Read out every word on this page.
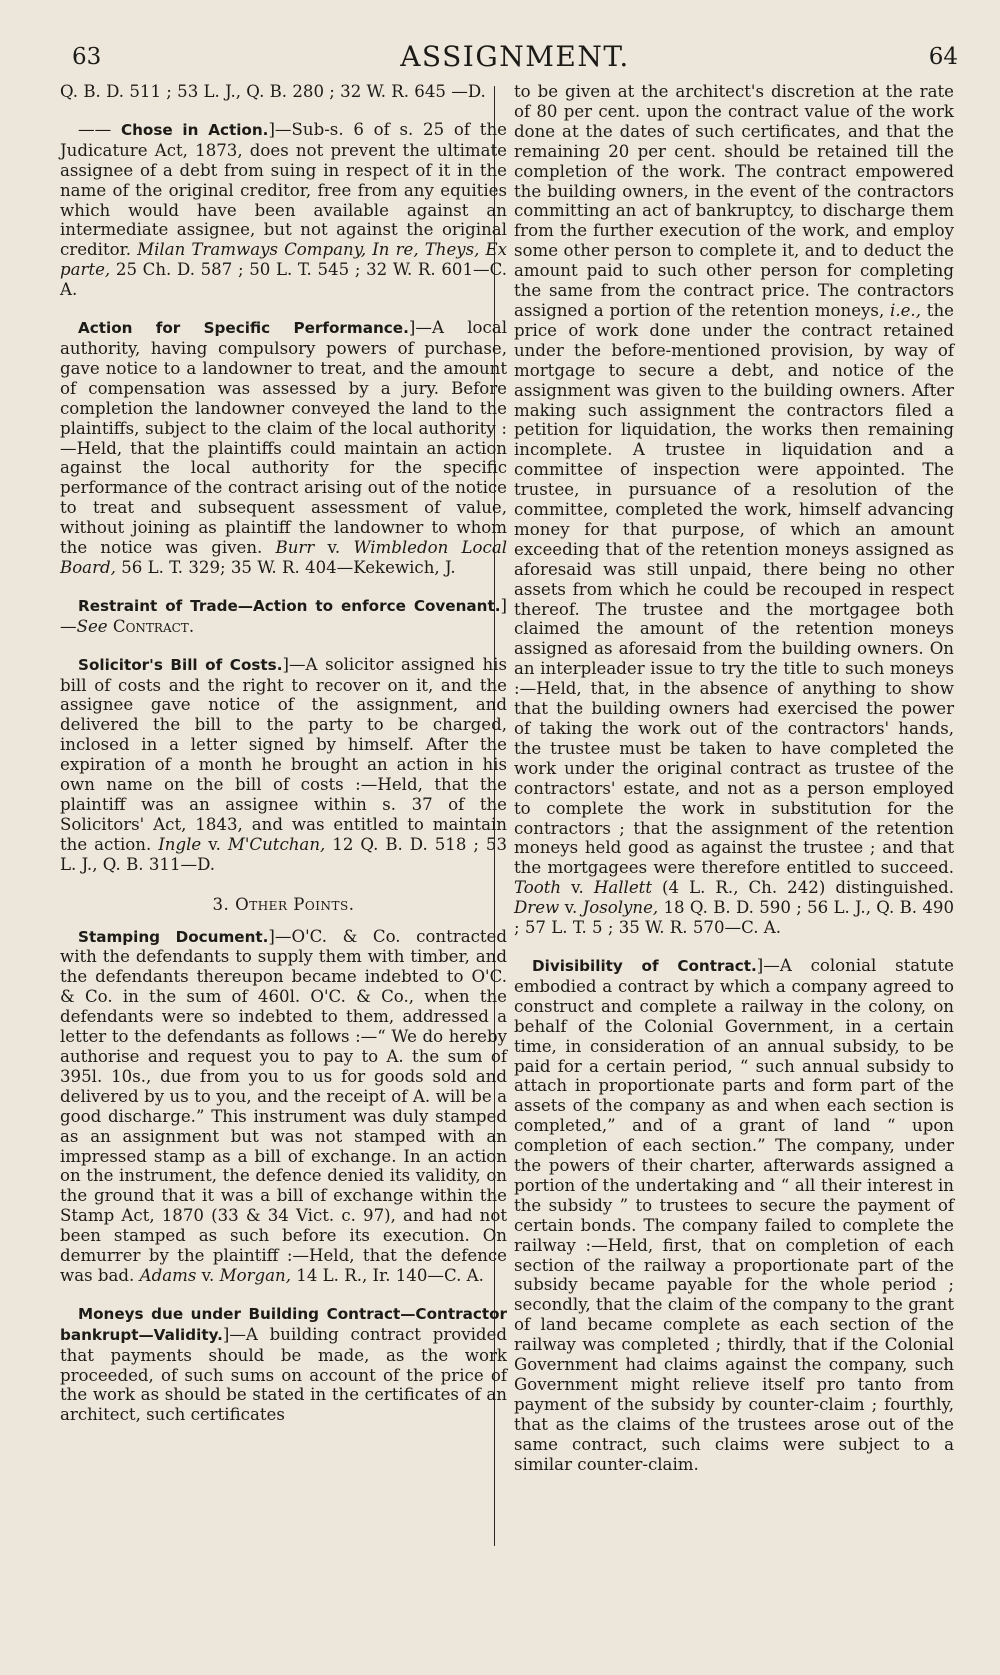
63	ASSIGNMENT.	64

Q. B. D. 511 ; 53 L. J., Q. B. 280 ; 32 W. R. 645 —D.

—— Chose in Action.]—Sub-s. 6 of s. 25 of the Judicature Act, 1873, does not prevent the ultimate assignee of a debt from suing in respect of it in the name of the original creditor, free from any equities which would have been available against an intermediate assignee, but not against the original creditor. Milan Tramways Company, In re, Theys, Ex parte, 25 Ch. D. 587 ; 50 L. T. 545 ; 32 W. R. 601—C. A.

Action for Specific Performance.]—A local authority, having compulsory powers of purchase, gave notice to a landowner to treat, and the amount of compensation was assessed by a jury. Before completion the landowner conveyed the land to the plaintiffs, subject to the claim of the local authority :—Held, that the plaintiffs could maintain an action against the local authority for the specific performance of the contract arising out of the notice to treat and subsequent assessment of value, without joining as plaintiff the landowner to whom the notice was given. Burr v. Wimbledon Local Board, 56 L. T. 329; 35 W. R. 404—Kekewich, J.

Restraint of Trade—Action to enforce Covenant.]—See Contract.

Solicitor's Bill of Costs.]—A solicitor assigned his bill of costs and the right to recover on it, and the assignee gave notice of the assignment, and delivered the bill to the party to be charged, inclosed in a letter signed by himself. After the expiration of a month he brought an action in his own name on the bill of costs :—Held, that the plaintiff was an assignee within s. 37 of the Solicitors' Act, 1843, and was entitled to maintain the action. Ingle v. M'Cutchan, 12 Q. B. D. 518 ; 53 L. J., Q. B. 311—D.

3. Other Points.

Stamping Document.]—O'C. & Co. contracted with the defendants to supply them with timber, and the defendants thereupon became indebted to O'C. & Co. in the sum of 460l. O'C. & Co., when the defendants were so indebted to them, addressed a letter to the defendants as follows :—“ We do hereby authorise and request you to pay to A. the sum of 395l. 10s., due from you to us for goods sold and delivered by us to you, and the receipt of A. will be a good discharge.” This instrument was duly stamped as an assignment but was not stamped with an impressed stamp as a bill of exchange. In an action on the instrument, the defence denied its validity, on the ground that it was a bill of exchange within the Stamp Act, 1870 (33 & 34 Vict. c. 97), and had not been stamped as such before its execution. On demurrer by the plaintiff :—Held, that the defence was bad. Adams v. Morgan, 14 L. R., Ir. 140—C. A.

Moneys due under Building Contract—Contractor bankrupt—Validity.]—A building contract provided that payments should be made, as the work proceeded, of such sums on account of the price of the work as should be stated in the certificates of an architect, such certificates

to be given at the architect's discretion at the rate of 80 per cent. upon the contract value of the work done at the dates of such certificates, and that the remaining 20 per cent. should be retained till the completion of the work. The contract empowered the building owners, in the event of the contractors committing an act of bankruptcy, to discharge them from the further execution of the work, and employ some other person to complete it, and to deduct the amount paid to such other person for completing the same from the contract price. The contractors assigned a portion of the retention moneys, i.e., the price of work done under the contract retained under the before-mentioned provision, by way of mortgage to secure a debt, and notice of the assignment was given to the building owners. After making such assignment the contractors filed a petition for liquidation, the works then remaining incomplete. A trustee in liquidation and a committee of inspection were appointed. The trustee, in pursuance of a resolution of the committee, completed the work, himself advancing money for that purpose, of which an amount exceeding that of the retention moneys assigned as aforesaid was still unpaid, there being no other assets from which he could be recouped in respect thereof. The trustee and the mortgagee both claimed the amount of the retention moneys assigned as aforesaid from the building owners. On an interpleader issue to try the title to such moneys :—Held, that, in the absence of anything to show that the building owners had exercised the power of taking the work out of the contractors' hands, the trustee must be taken to have completed the work under the original contract as trustee of the contractors' estate, and not as a person employed to complete the work in substitution for the contractors ; that the assignment of the retention moneys held good as against the trustee ; and that the mortgagees were therefore entitled to succeed. Tooth v. Hallett (4 L. R., Ch. 242) distinguished. Drew v. Josolyne, 18 Q. B. D. 590 ; 56 L. J., Q. B. 490 ; 57 L. T. 5 ; 35 W. R. 570—C. A.

Divisibility of Contract.]—A colonial statute embodied a contract by which a company agreed to construct and complete a railway in the colony, on behalf of the Colonial Government, in a certain time, in consideration of an annual subsidy, to be paid for a certain period, “ such annual subsidy to attach in proportionate parts and form part of the assets of the company as and when each section is completed,” and of a grant of land “ upon completion of each section.” The company, under the powers of their charter, afterwards assigned a portion of the undertaking and “ all their interest in the subsidy ” to trustees to secure the payment of certain bonds. The company failed to complete the railway :—Held, first, that on completion of each section of the railway a proportionate part of the subsidy became payable for the whole period ; secondly, that the claim of the company to the grant of land became complete as each section of the railway was completed ; thirdly, that if the Colonial Government had claims against the company, such Government might relieve itself pro tanto from payment of the subsidy by counter-claim ; fourthly, that as the claims of the trustees arose out of the same contract, such claims were subject to a similar counter-claim.
